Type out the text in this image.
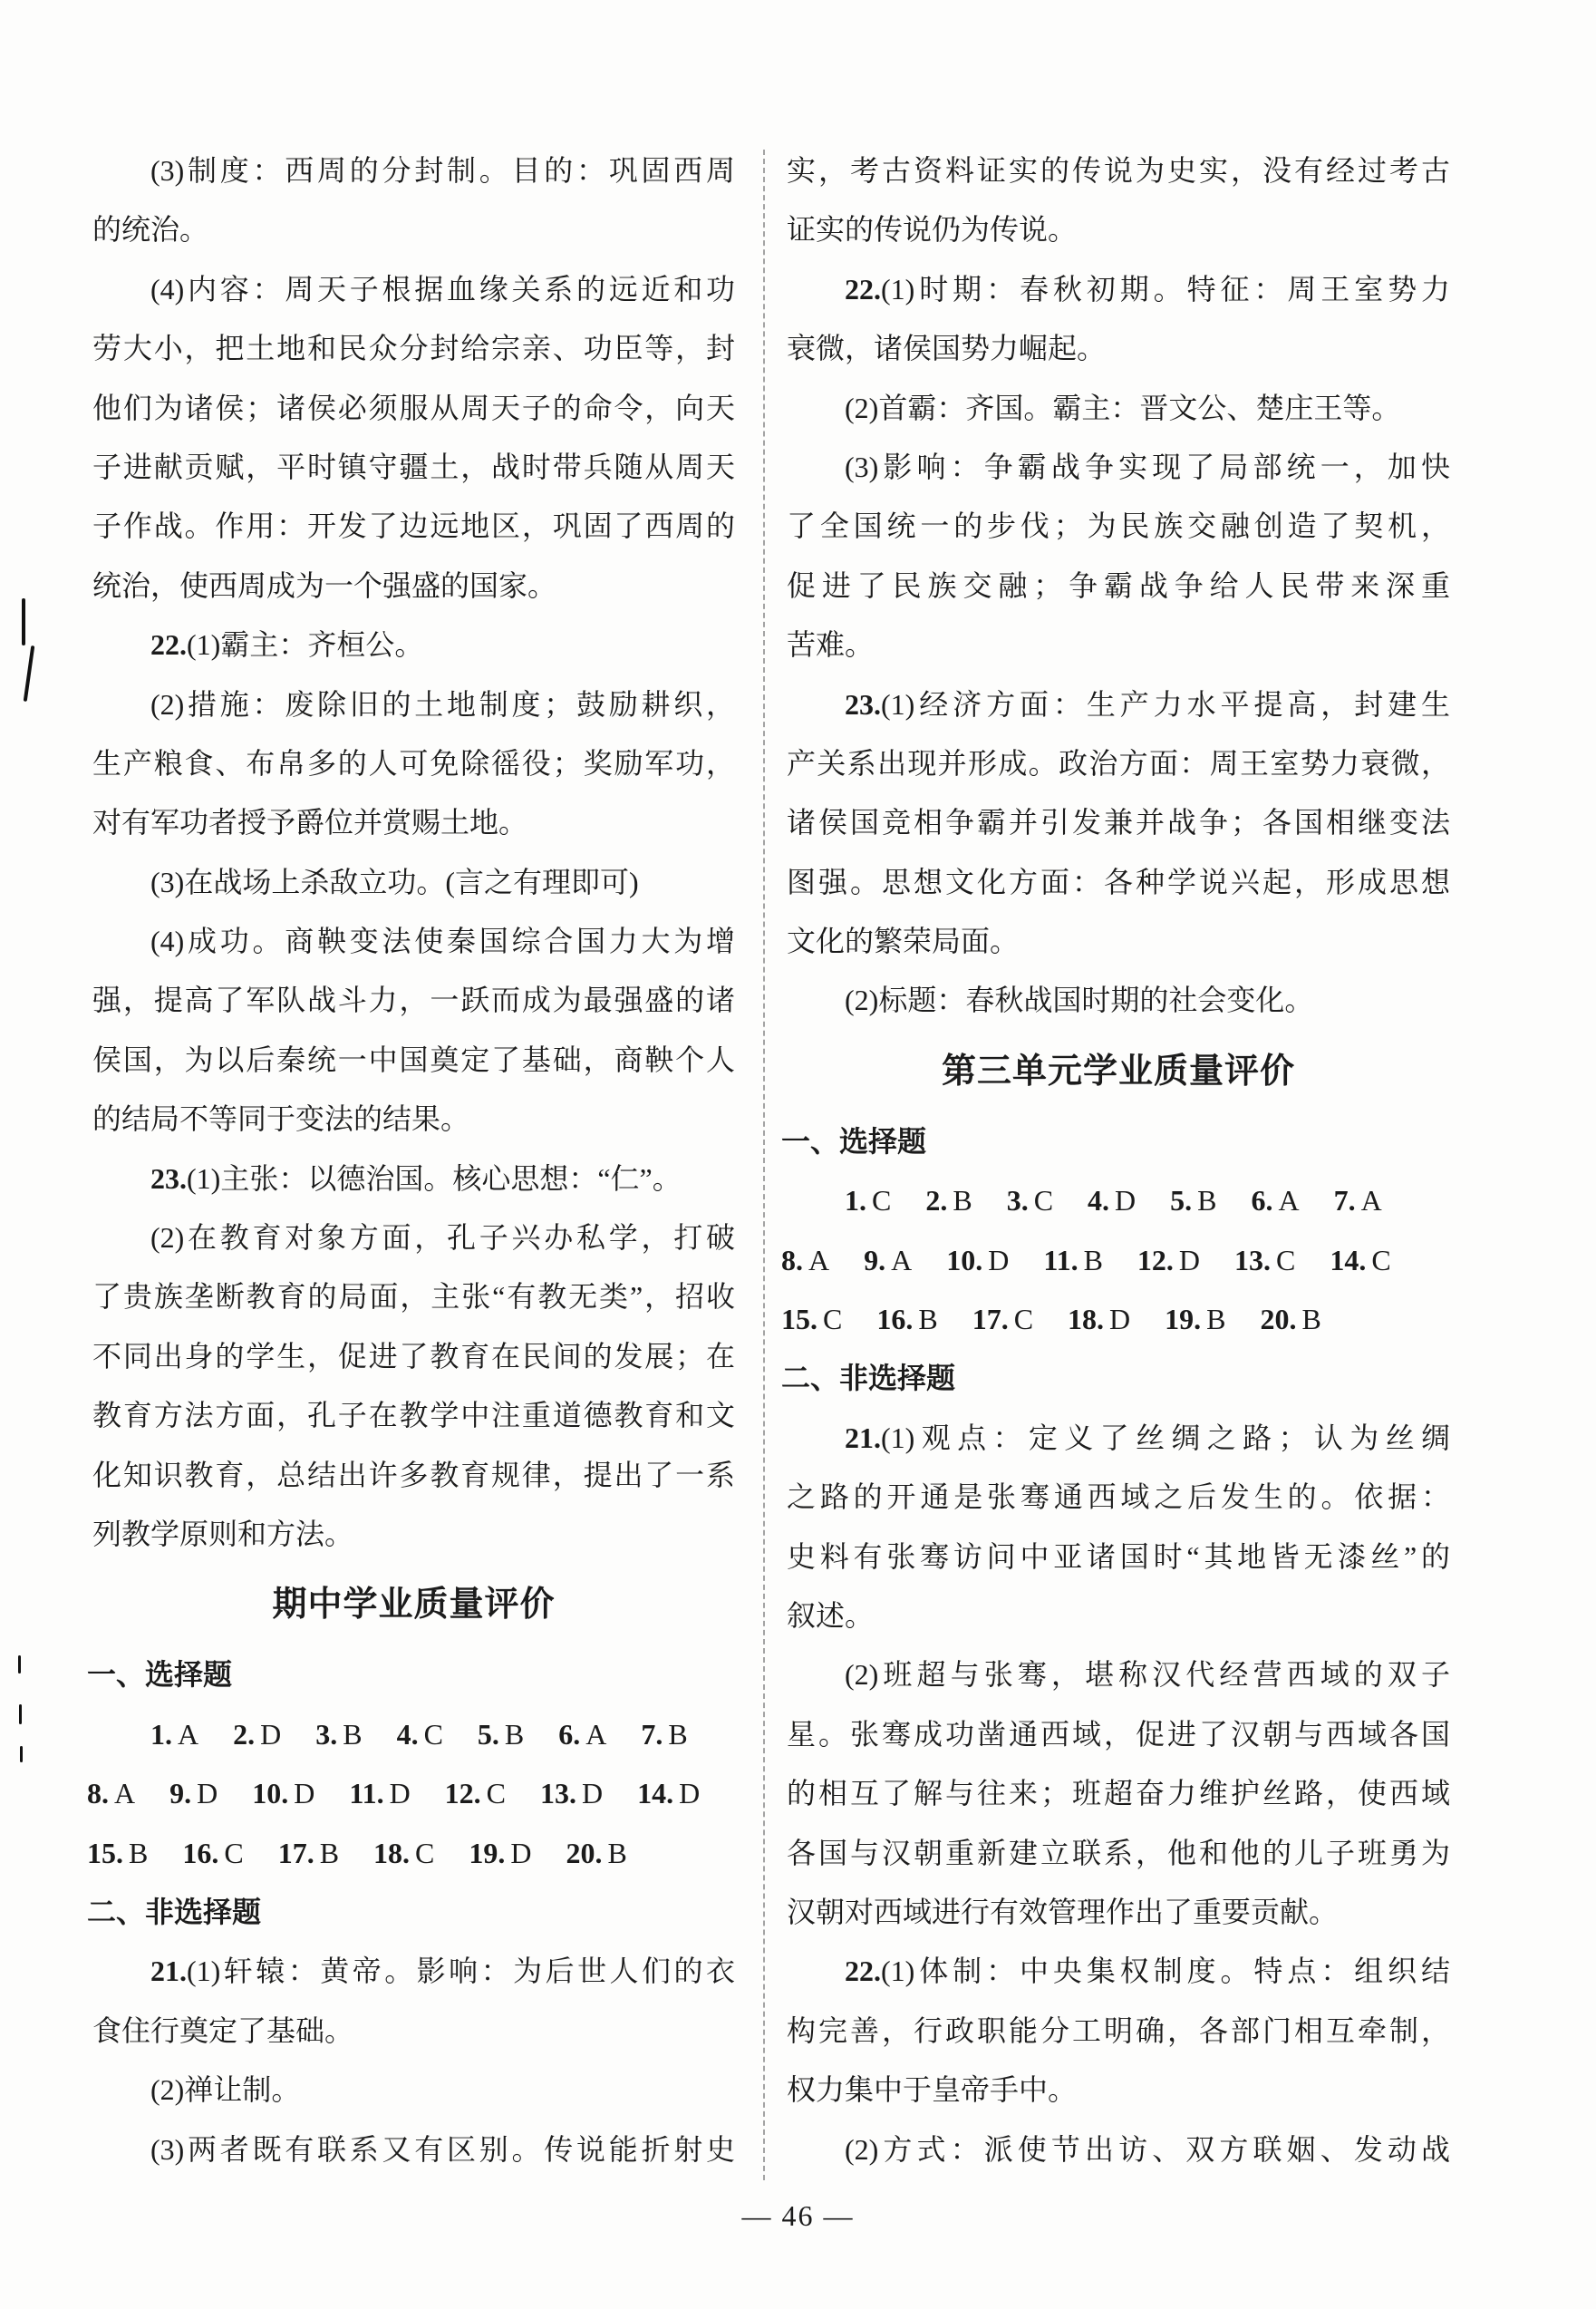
(3)制度：西周的分封制。目的：巩固西周
的统治。
(4)内容：周天子根据血缘关系的远近和功
劳大小，把土地和民众分封给宗亲、功臣等，封
他们为诸侯；诸侯必须服从周天子的命令，向天
子进献贡赋，平时镇守疆土，战时带兵随从周天
子作战。作用：开发了边远地区，巩固了西周的
统治，使西周成为一个强盛的国家。
22.(1)霸主：齐桓公。
(2)措施：废除旧的土地制度；鼓励耕织，
生产粮食、布帛多的人可免除徭役；奖励军功，
对有军功者授予爵位并赏赐土地。
(3)在战场上杀敌立功。(言之有理即可)
(4)成功。商鞅变法使秦国综合国力大为增
强，提高了军队战斗力，一跃而成为最强盛的诸
侯国，为以后秦统一中国奠定了基础，商鞅个人
的结局不等同于变法的结果。
23.(1)主张：以德治国。核心思想：“仁”。
(2)在教育对象方面，孔子兴办私学，打破
了贵族垄断教育的局面，主张“有教无类”，招收
不同出身的学生，促进了教育在民间的发展；在
教育方法方面，孔子在教学中注重道德教育和文
化知识教育，总结出许多教育规律，提出了一系
列教学原则和方法。
期中学业质量评价
一、选择题
1. A 2. D 3. B 4. C 5. B 6. A 7. B
8. A 9. D 10. D 11. D 12. C 13. D 14. D
15. B 16. C 17. B 18. C 19. D 20. B
二、非选择题
21.(1)轩辕：黄帝。影响：为后世人们的衣
食住行奠定了基础。
(2)禅让制。
(3)两者既有联系又有区别。传说能折射史
实，考古资料证实的传说为史实，没有经过考古
证实的传说仍为传说。
22.(1)时期：春秋初期。特征：周王室势力
衰微，诸侯国势力崛起。
(2)首霸：齐国。霸主：晋文公、楚庄王等。
(3)影响：争霸战争实现了局部统一，加快
了全国统一的步伐；为民族交融创造了契机，
促进了民族交融；争霸战争给人民带来深重
苦难。
23.(1)经济方面：生产力水平提高，封建生
产关系出现并形成。政治方面：周王室势力衰微，
诸侯国竞相争霸并引发兼并战争；各国相继变法
图强。思想文化方面：各种学说兴起，形成思想
文化的繁荣局面。
(2)标题：春秋战国时期的社会变化。
第三单元学业质量评价
一、选择题
1. C 2. B 3. C 4. D 5. B 6. A 7. A
8. A 9. A 10. D 11. B 12. D 13. C 14. C
15. C 16. B 17. C 18. D 19. B 20. B
二、非选择题
21.(1)观点：定义了丝绸之路；认为丝绸
之路的开通是张骞通西域之后发生的。依据：
史料有张骞访问中亚诸国时“其地皆无漆丝”的
叙述。
(2)班超与张骞，堪称汉代经营西域的双子
星。张骞成功凿通西域，促进了汉朝与西域各国
的相互了解与往来；班超奋力维护丝路，使西域
各国与汉朝重新建立联系，他和他的儿子班勇为
汉朝对西域进行有效管理作出了重要贡献。
22.(1)体制：中央集权制度。特点：组织结
构完善，行政职能分工明确，各部门相互牵制，
权力集中于皇帝手中。
(2)方式：派使节出访、双方联姻、发动战
— 46 —
